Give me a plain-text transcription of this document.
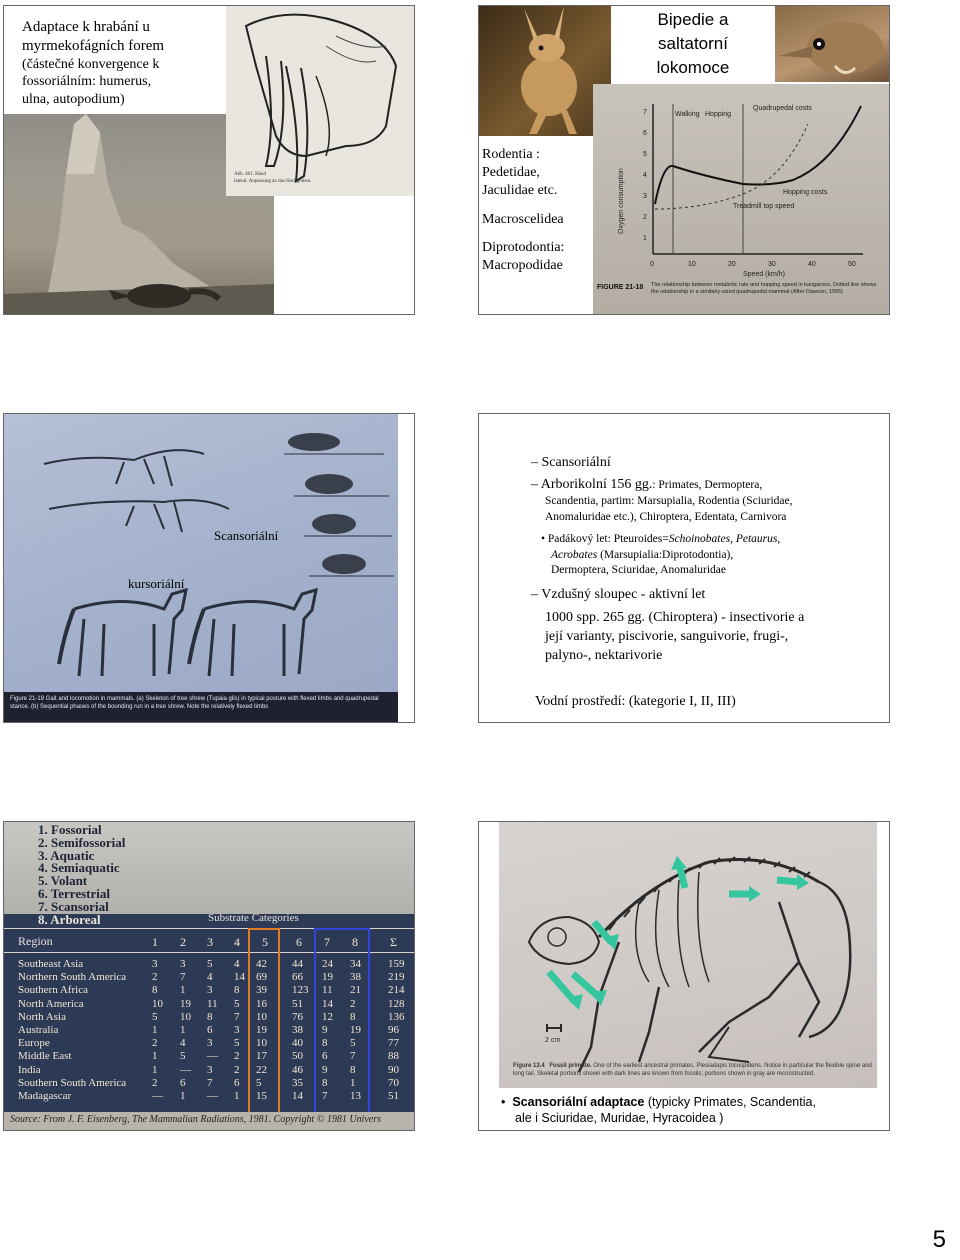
Abb. 461. Hand
lateral. Anpassung an das Hackgraben.
Adaptace k hrabání u
myrmekofágních forem
(částečné konvergence k
fossoriálním: humerus,
ulna, autopodium)
Bipedie a
saltatorní
lokomoce
Rodentia :
Pedetidae,
Jaculidae etc.
Macroscelidea
Diprotodontia:
Macropodidae
Walking Hopping
Quadrupedal costs
Hopping costs
Treadmill top speed
0	10	20	30	40	50
Speed (km/h)
1
2
3
4
5
6
7
Oxygen consumption
FIGURE 21-18 The relationship between metabolic rate and hopping speed in kangaroos. Dotted line shows the relationship in a similarly-sized quadrupedal mammal (After Dawson, 1995)
Figure 21-19 Gait and locomotion in mammals. (a) Skeleton of tree shrew (Tupaia glis) in typical posture with flexed limbs and quadrupedal stance. (b) Sequential phases of the bounding run in a tree shrew. Note the relatively flexed limbs
kursoriální
Scansoriální
– Scansoriální
– Arborikolní 156 gg.: Primates, Dermoptera,
Scandentia, partim: Marsupialia, Rodentia (Sciuridae,
Anomaluridae etc.), Chiroptera, Edentata, Carnivora
• Padákový let: Pteuroides=Schoinobates, Petaurus,
Acrobates (Marsupialia:Diprotodontia),
Dermoptera, Sciuridae, Anomaluridae
– Vzdušný sloupec - aktivní let
1000 spp. 265 gg. (Chiroptera) - insectivorie a
její varianty, piscivorie, sanguivorie, frugi-,
palyno-, nektarivorie
Vodní prostředí: (kategorie I, II, III)
1. Fossorial
2. Semifossorial
3. Aquatic
4. Semiaquatic
5. Volant
6. Terrestrial
7. Scansorial
8. Arboreal	Substrate Categories
Region	1 2 3 4 5 6 7 8	Σ
Southeast Asia	3 3 5 4 42 44 24 34 159
Northern South America 2 7 4 14 69 66 19 38 219
Southern Africa	8 1 3 8 39 123 11 21 214
North America	10 19 11 5 16 51 14 2	128
North Asia	5 10 8 7 10 76 12 8	136
Australia	1 1 6 3 19 38 9 19 96
Europe	2 4 3 5 10 40 8 5	77
Middle East	1 5 — 2 17 50 6 7	88
India	1 — 3 2 22 46 9 8	90
Southern South America 2 6 7 6 5	35 8 1	70
Madagascar	— 1 — 1 15 14 7 13 51
Source: From J. F. Eisenberg, The Mammalian Radiations, 1981. Copyright © 1981 Univers
2 cm
Figure 13.4 Fossil primate. One of the earliest ancestral primates, Plesiadapis tricuspidens. Notice in particular the flexible spine and long tail. Skeletal portions shown with dark lines are known from fossils; portions shown in gray are reconstructed.
•  Scansoriální adaptace (typicky Primates, Scandentia,
ale i Sciuridae, Muridae, Hyracoidea )
5
